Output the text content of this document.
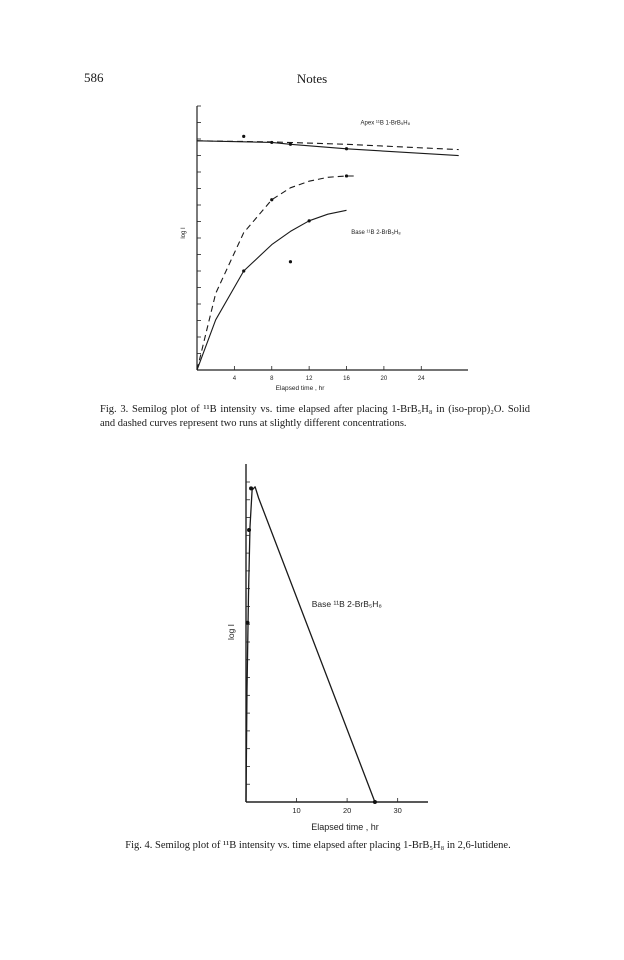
586	Notes
4	8	12	16	20	24
log I
Elapsed time , hr
Apex ¹¹B 1-BrB₅H₈
Base ¹¹B 2-BrB₅H₈
Fig. 3. Semilog plot of ¹¹B intensity vs. time elapsed after placing 1-BrB₅H₈ in (iso-prop)₂O. Solid and dashed curves represent two runs at slightly different concentrations.
10	20	30
log I
Elapsed time , hr
Base ¹¹B 2-BrB₅H₈
Fig. 4. Semilog plot of ¹¹B intensity vs. time elapsed after placing 1-BrB₅H₈ in 2,6-lutidene.
